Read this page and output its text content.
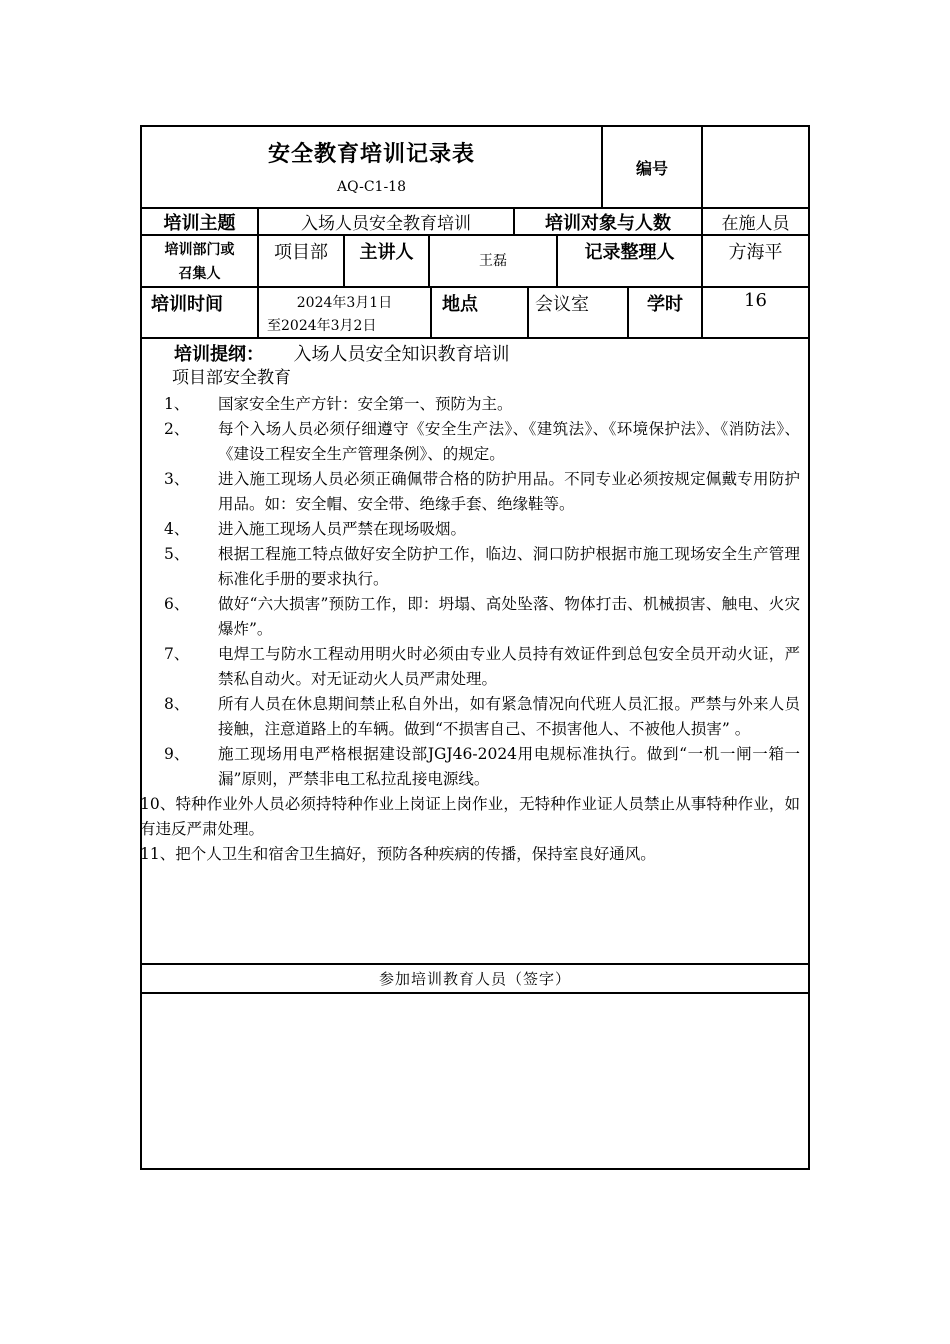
安全教育培训记录表
AQ-C1-18
编号
培训主题	入场人员安全教育培训	培训对象与人数	在施人员
培训部门或
召集人
项目部	主讲人	王磊	记录整理人	方海平
培训时间	2024年3月1日
至2024年3月2日
地点	会议室	学时	16
培训提纲： 入场人员安全知识教育培训
项目部安全教育
1、	国家安全生产方针：安全第一、预防为主。
2、	每个入场人员必须仔细遵守《安全生产法》、《建筑法》、《环境保护法》、《消防法》、《建设工程安全生产管理条例》、的规定。
3、	进入施工现场人员必须正确佩带合格的防护用品。不同专业必须按规定佩戴专用防护用品。如：安全帽、安全带、绝缘手套、绝缘鞋等。
4、	进入施工现场人员严禁在现场吸烟。
5、	根据工程施工特点做好安全防护工作，临边、洞口防护根据市施工现场安全生产管理标准化手册的要求执行。
6、	做好“六大损害”预防工作，即：坍塌、高处坠落、物体打击、机械损害、触电、火灾爆炸”。
7、	电焊工与防水工程动用明火时必须由专业人员持有效证件到总包安全员开动火证，严禁私自动火。对无证动火人员严肃处理。
8、	所有人员在休息期间禁止私自外出，如有紧急情况向代班人员汇报。严禁与外来人员接触，注意道路上的车辆。做到“不损害自己、不损害他人、不被他人损害” 。
9、	施工现场用电严格根据建设部JGJ46-2024用电规标准执行。做到“一机一闸一箱一漏”原则，严禁非电工私拉乱接电源线。
10、特种作业外人员必须持特种作业上岗证上岗作业，无特种作业证人员禁止从事特种作业，如有违反严肃处理。
11、把个人卫生和宿舍卫生搞好，预防各种疾病的传播，保持室良好通风。
参加培训教育人员（签字）
